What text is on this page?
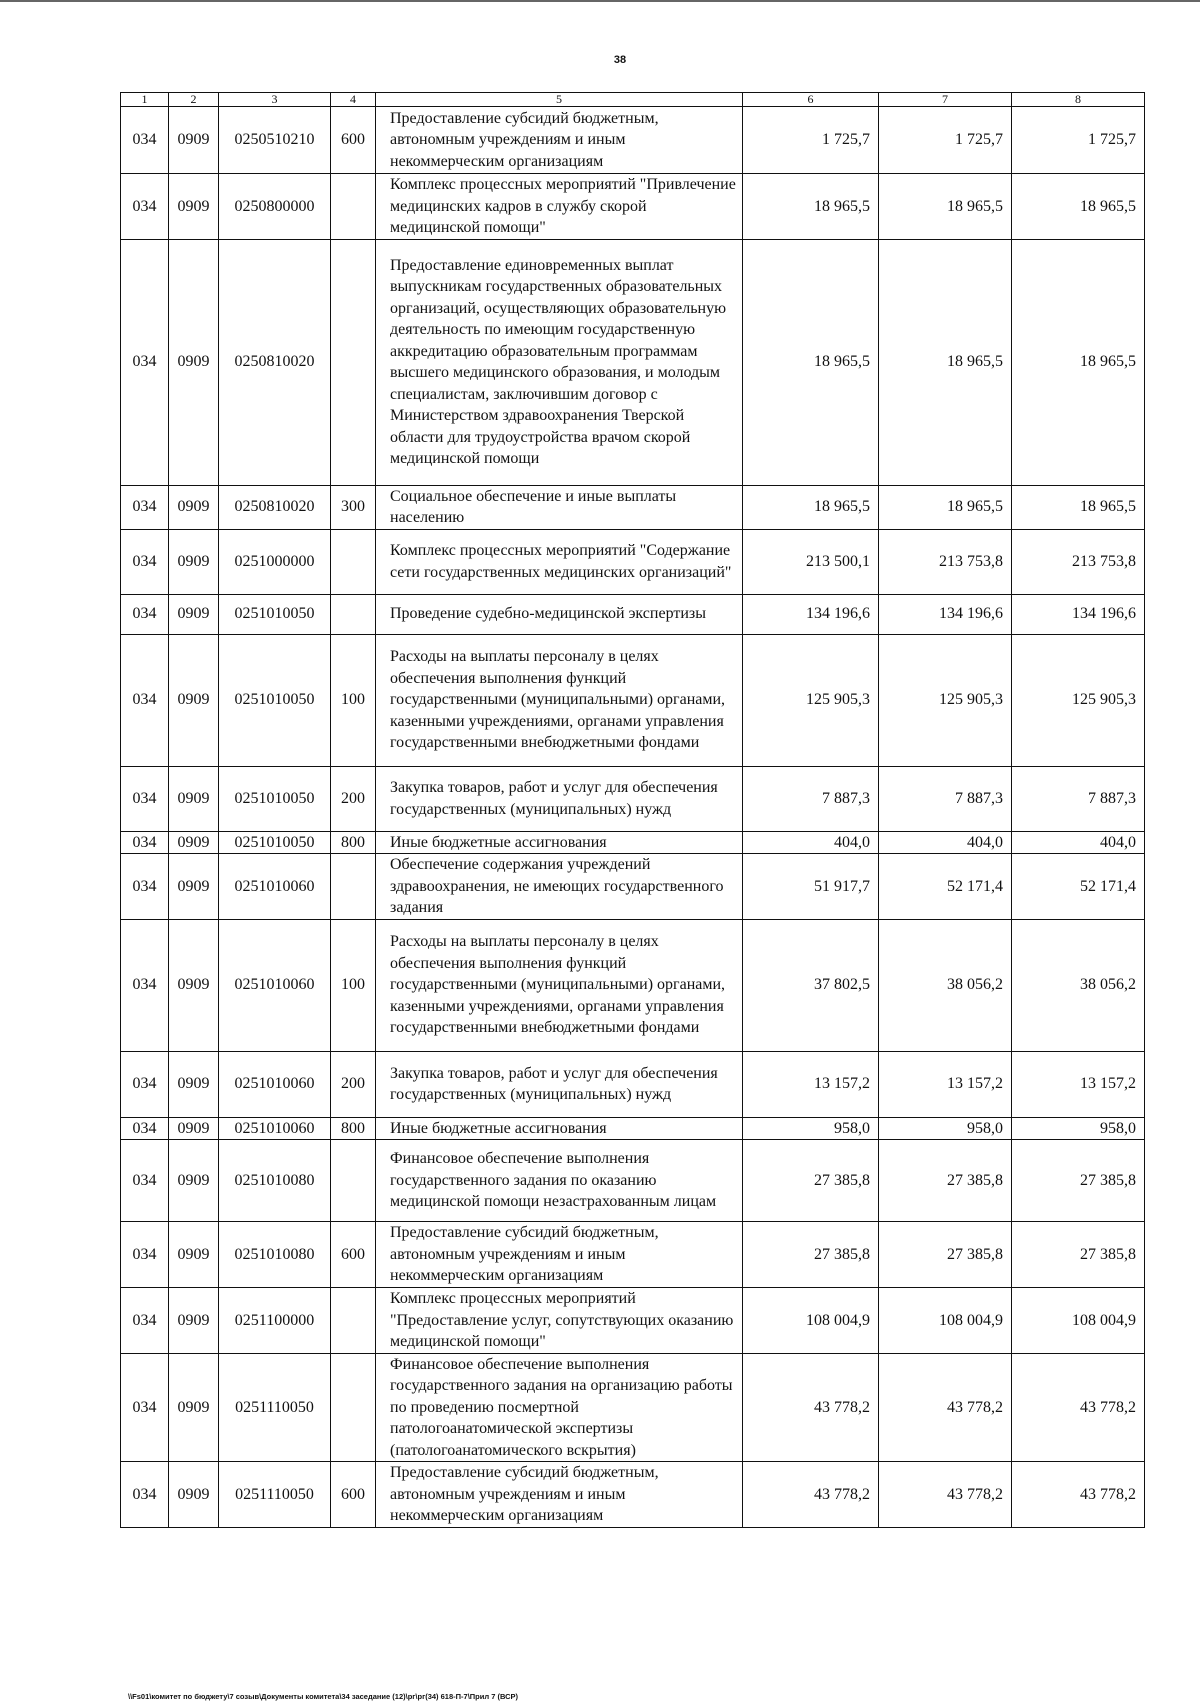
38
1	2	3	4	5	6	7	8
034	0909	0250510210	600	Предоставление субсидий бюджетным, автономным учреждениям и иным некоммерческим организациям	1 725,7	1 725,7	1 725,7
034	0909	0250800000		Комплекс процессных мероприятий "Привлечение медицинских кадров в службу скорой медицинской помощи"	18 965,5	18 965,5	18 965,5
034	0909	0250810020		Предоставление единовременных выплат выпускникам государственных образовательных организаций, осуществляющих образовательную деятельность по имеющим государственную аккредитацию образовательным программам высшего медицинского образования, и молодым специалистам, заключившим договор с Министерством здравоохранения Тверской области для трудоустройства врачом скорой медицинской помощи	18 965,5	18 965,5	18 965,5
034	0909	0250810020	300	Социальное обеспечение и иные выплаты населению	18 965,5	18 965,5	18 965,5
034	0909	0251000000		Комплекс процессных мероприятий "Содержание сети государственных медицинских организаций"	213 500,1	213 753,8	213 753,8
034	0909	0251010050		Проведение судебно-медицинской экспертизы	134 196,6	134 196,6	134 196,6
034	0909	0251010050	100	Расходы на выплаты персоналу в целях обеспечения выполнения функций государственными (муниципальными) органами, казенными учреждениями, органами управления государственными внебюджетными фондами	125 905,3	125 905,3	125 905,3
034	0909	0251010050	200	Закупка товаров, работ и услуг для обеспечения государственных (муниципальных) нужд	7 887,3	7 887,3	7 887,3
034	0909	0251010050	800	Иные бюджетные ассигнования	404,0	404,0	404,0
034	0909	0251010060		Обеспечение содержания учреждений здравоохранения, не имеющих государственного задания	51 917,7	52 171,4	52 171,4
034	0909	0251010060	100	Расходы на выплаты персоналу в целях обеспечения выполнения функций государственными (муниципальными) органами, казенными учреждениями, органами управления государственными внебюджетными фондами	37 802,5	38 056,2	38 056,2
034	0909	0251010060	200	Закупка товаров, работ и услуг для обеспечения государственных (муниципальных) нужд	13 157,2	13 157,2	13 157,2
034	0909	0251010060	800	Иные бюджетные ассигнования	958,0	958,0	958,0
034	0909	0251010080		Финансовое обеспечение выполнения государственного задания по оказанию медицинской помощи незастрахованным лицам	27 385,8	27 385,8	27 385,8
034	0909	0251010080	600	Предоставление субсидий бюджетным, автономным учреждениям и иным некоммерческим организациям	27 385,8	27 385,8	27 385,8
034	0909	0251100000		Комплекс процессных мероприятий "Предоставление услуг, сопутствующих оказанию медицинской помощи"	108 004,9	108 004,9	108 004,9
034	0909	0251110050		Финансовое обеспечение выполнения государственного задания на организацию работы по проведению посмертной патологоанатомической экспертизы (патологоанатомического вскрытия)	43 778,2	43 778,2	43 778,2
034	0909	0251110050	600	Предоставление субсидий бюджетным, автономным учреждениям и иным некоммерческим организациям	43 778,2	43 778,2	43 778,2
\\Fs01\комитет по бюджету\7 созыв\Документы комитета\34 заседание (12)\рг\рг(34) 618-П-7\Прил 7 (ВСР)
